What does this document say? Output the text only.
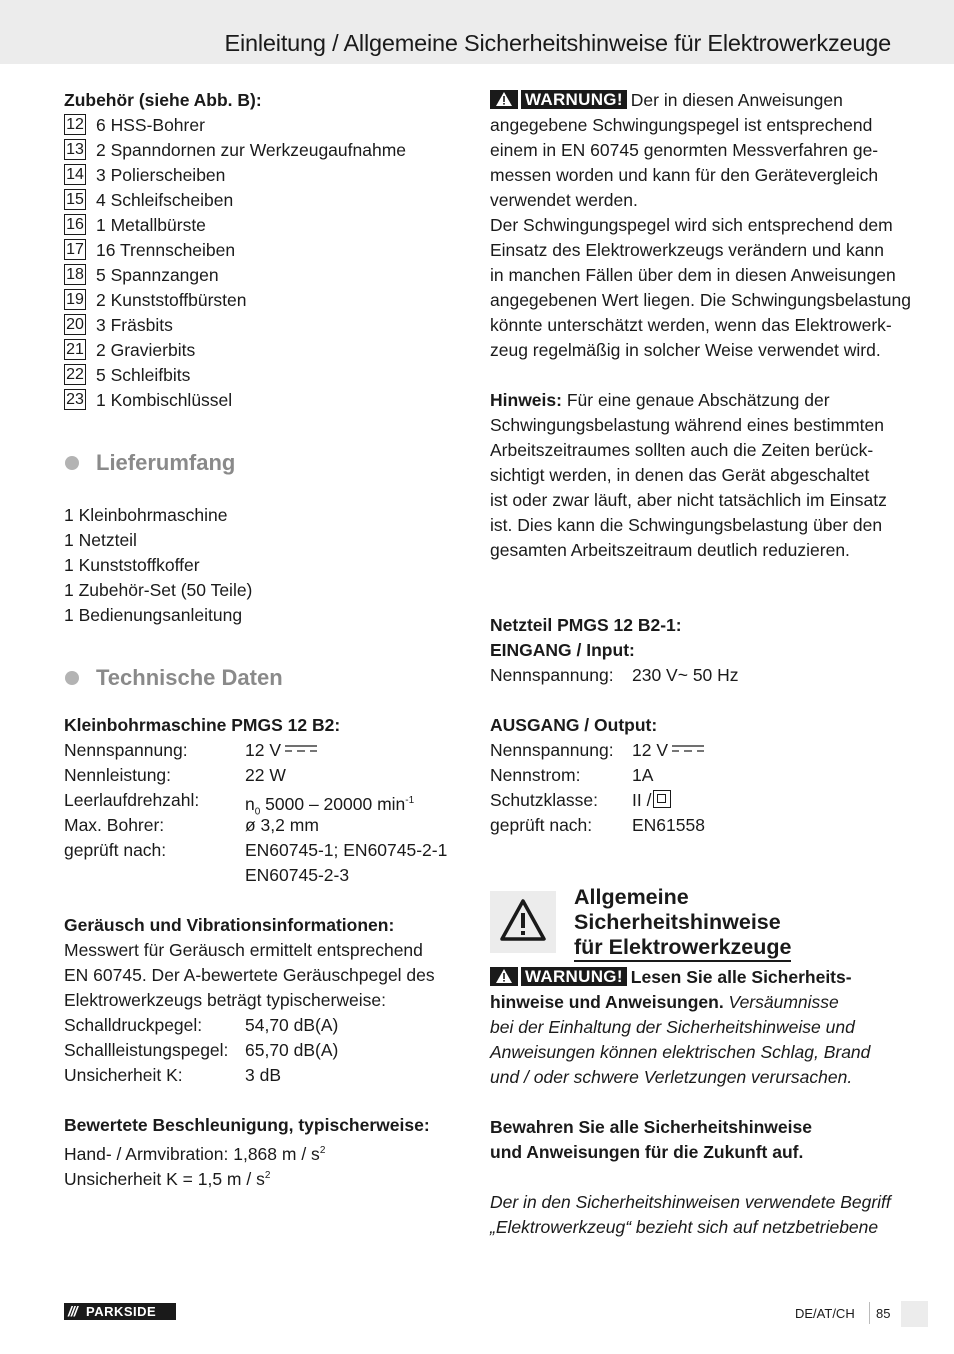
Einleitung / Allgemeine Sicherheitshinweise für Elektrowerkzeuge
Zubehör (siehe Abb. B):
12 6 HSS-Bohrer
13 2 Spanndornen zur Werkzeugaufnahme
14 3 Polierscheiben
15 4 Schleifscheiben
16 1 Metallbürste
17 16 Trennscheiben
18 5 Spannzangen
19 2 Kunststoffbürsten
20 3 Fräsbits
21 2 Gravierbits
22 5 Schleifbits
23 1 Kombischlüssel
Lieferumfang
1 Kleinbohrmaschine
1 Netzteil
1 Kunststoffkoffer
1 Zubehör-Set (50 Teile)
1 Bedienungsanleitung
Technische Daten
Kleinbohrmaschine PMGS 12 B2:
Nennspannung:	12 V
Nennleistung:	22 W
Leerlaufdrehzahl:	$n_0$ 5000 – 20000 $\min^{-1}$
Max. Bohrer:	ø 3,2 mm
geprüft nach:	EN60745-1; EN60745-2-1
EN60745-2-3
Geräusch und Vibrationsinformationen:
Messwert für Geräusch ermittelt entsprechend
EN 60745. Der A-bewertete Geräuschpegel des
Elektrowerkzeugs beträgt typischerweise:
Schalldruckpegel:	54,70 dB(A)
Schallleistungspegel: 65,70 dB(A)
Unsicherheit K:	3 dB
Bewertete Beschleunigung, typischerweise:
Hand- / Armvibration: 1,868 m / $s^2$
Unsicherheit K = 1,5 m / $s^2$
WARNUNG! Der in diesen Anweisungen
angegebene Schwingungspegel ist entsprechend
einem in EN 60745 genormten Messverfahren ge-
messen worden und kann für den Gerätevergleich
verwendet werden.
Der Schwingungspegel wird sich entsprechend dem
Einsatz des Elektrowerkzeugs verändern und kann
in manchen Fällen über dem in diesen Anweisungen
angegebenen Wert liegen. Die Schwingungsbelastung
könnte unterschätzt werden, wenn das Elektrowerk-
zeug regelmäßig in solcher Weise verwendet wird.
Hinweis: Für eine genaue Abschätzung der
Schwingungsbelastung während eines bestimmten
Arbeitszeitraumes sollten auch die Zeiten berück-
sichtigt werden, in denen das Gerät abgeschaltet
ist oder zwar läuft, aber nicht tatsächlich im Einsatz
ist. Dies kann die Schwingungsbelastung über den
gesamten Arbeitszeitraum deutlich reduzieren.
Netzteil PMGS 12 B2-1:
EINGANG / Input:
Nennspannung:	230 V~ 50 Hz
AUSGANG / Output:
Nennspannung:	12 V
Nennstrom:	1A
Schutzklasse:	II /
geprüft nach:	EN61558
Allgemeine
Sicherheitshinweise
für Elektrowerkzeuge
WARNUNG! Lesen Sie alle Sicherheits-
hinweise und Anweisungen. Versäumnisse
bei der Einhaltung der Sicherheitshinweise und
Anweisungen können elektrischen Schlag, Brand
und / oder schwere Verletzungen verursachen.
Bewahren Sie alle Sicherheitshinweise
und Anweisungen für die Zukunft auf.
Der in den Sicherheitshinweisen verwendete Begriff
„Elektrowerkzeug“ bezieht sich auf netzbetriebene
/// PARKSIDE	DE/AT/CH 85
